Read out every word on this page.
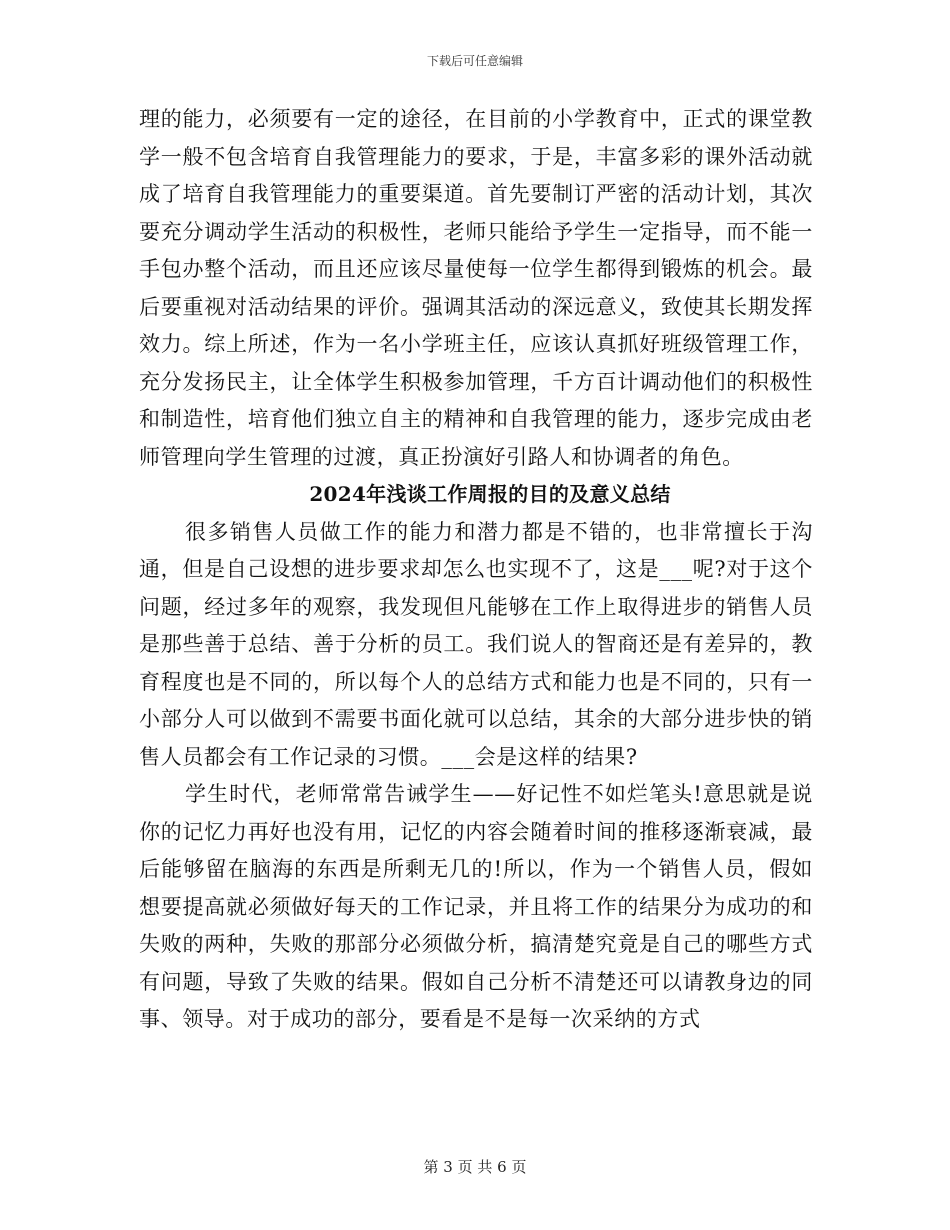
下载后可任意编辑

理的能力，必须要有一定的途径，在目前的小学教育中，正式的课堂教学一般不包含培育自我管理能力的要求，于是，丰富多彩的课外活动就成了培育自我管理能力的重要渠道。首先要制订严密的活动计划，其次要充分调动学生活动的积极性，老师只能给予学生一定指导，而不能一手包办整个活动，而且还应该尽量使每一位学生都得到锻炼的机会。最后要重视对活动结果的评价。强调其活动的深远意义，致使其长期发挥效力。综上所述，作为一名小学班主任，应该认真抓好班级管理工作，充分发扬民主，让全体学生积极参加管理，千方百计调动他们的积极性和制造性，培育他们独立自主的精神和自我管理的能力，逐步完成由老师管理向学生管理的过渡，真正扮演好引路人和协调者的角色。

2024年浅谈工作周报的目的及意义总结

很多销售人员做工作的能力和潜力都是不错的，也非常擅长于沟通，但是自己设想的进步要求却怎么也实现不了，这是___呢?对于这个问题，经过多年的观察，我发现但凡能够在工作上取得进步的销售人员是那些善于总结、善于分析的员工。我们说人的智商还是有差异的，教育程度也是不同的，所以每个人的总结方式和能力也是不同的，只有一小部分人可以做到不需要书面化就可以总结，其余的大部分进步快的销售人员都会有工作记录的习惯。___会是这样的结果?

学生时代，老师常常告诫学生——好记性不如烂笔头!意思就是说你的记忆力再好也没有用，记忆的内容会随着时间的推移逐渐衰减，最后能够留在脑海的东西是所剩无几的!所以，作为一个销售人员，假如想要提高就必须做好每天的工作记录，并且将工作的结果分为成功的和失败的两种，失败的那部分必须做分析，搞清楚究竟是自己的哪些方式有问题，导致了失败的结果。假如自己分析不清楚还可以请教身边的同事、领导。对于成功的部分，要看是不是每一次采纳的方式

第 3 页 共 6 页
